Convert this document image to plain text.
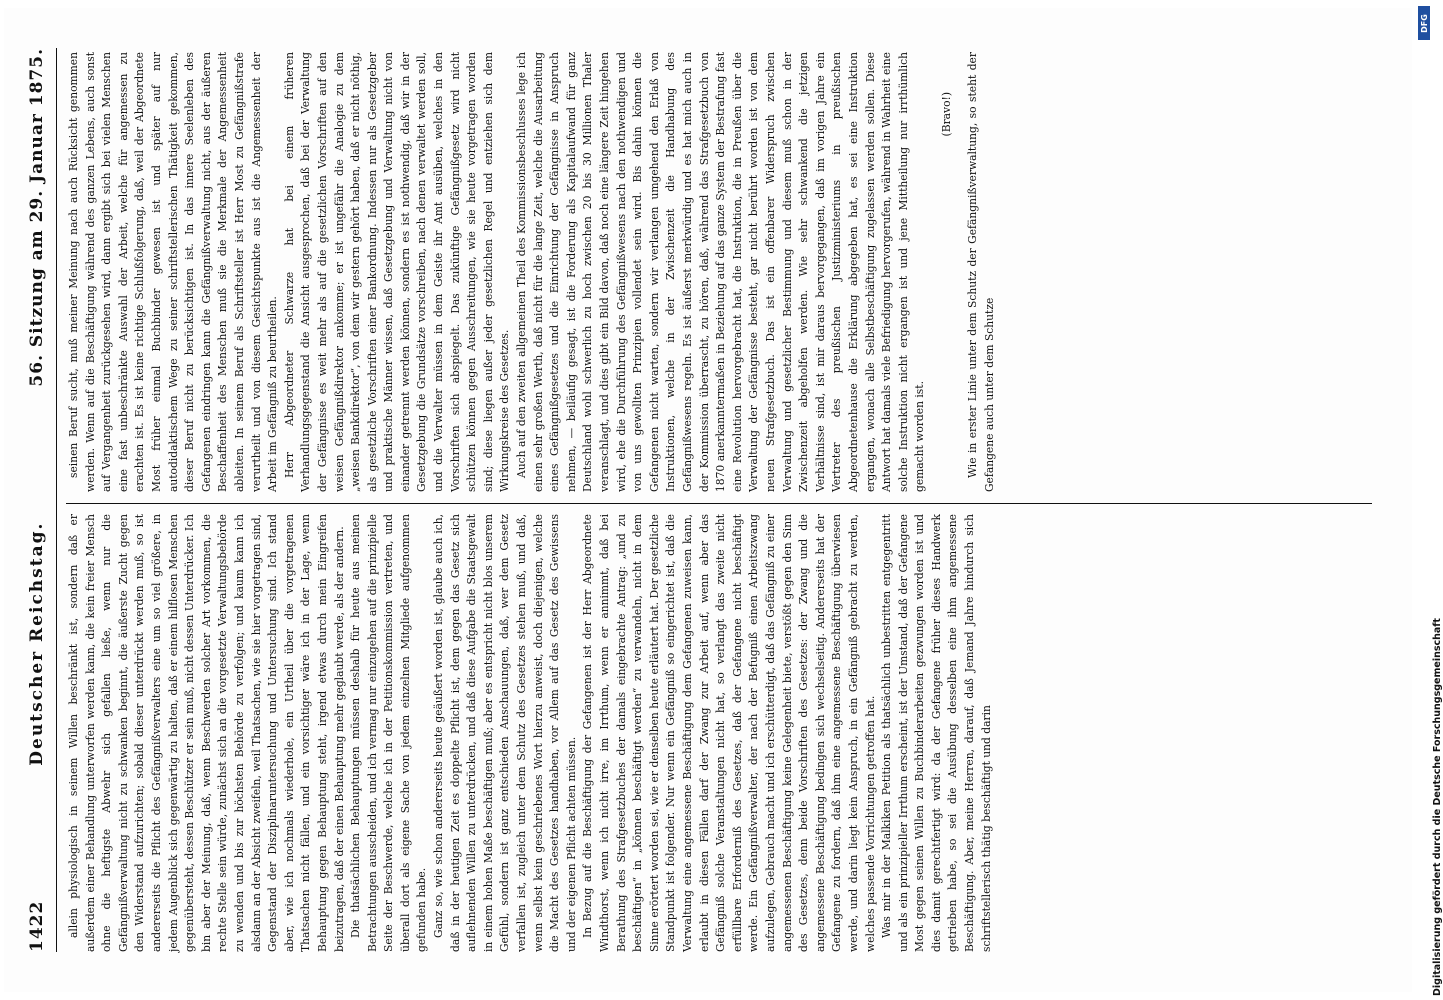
1422
Deutscher Reichstag.
56. Sitzung am 29. Januar 1875.

allein physiologisch in seinem Willen beschränkt ist, sondern daß er außerdem einer Behandlung unterworfen werden kann, die kein freier Mensch ohne die heftigste Abwehr sich gefallen ließe, wenn nur die Gefängnißverwaltung nicht zu schwanken beginnt, die äußerste Zucht gegen den Widerstand aufzurichten; sobald dieser unterdrückt werden muß, so ist andererseits die Pflicht des Gefängnißverwalters eine um so viel größere, in jedem Augenblick sich gegenwärtig zu halten, daß er einem hilflosen Menschen gegenübersteht, dessen Beschützer er sein muß, nicht dessen Unterdrücker. Ich bin aber der Meinung, daß, wenn Beschwerden solcher Art vorkommen, die rechte Stelle sein würde, zunächst sich an die vorgesetzte Verwaltungsbehörde zu wenden und bis zur höchsten Behörde zu verfolgen; und kaum kann ich alsdann an der Absicht zweifeln, weil Thatsachen, wie sie hier vorgetragen sind, Gegenstand der Disziplinaruntersuchung und Untersuchung sind. Ich stand aber, wie ich nochmals wiederhole, ein Urtheil über die vorgetragenen Thatsachen nicht fällen, und ein vorsichtiger wäre ich in der Lage, wenn Behauptung gegen Behauptung steht, irgend etwas durch mein Eingreifen beizutragen, daß der einen Behauptung mehr geglaubt werde, als der andern. Die thatsächlichen Behauptungen müssen deshalb für heute aus meinen Betrachtungen ausscheiden, und ich vermag nur einzugehen auf die prinzipielle Seite der Beschwerde, welche ich in der Petitionskommission vertreten, und überall dort als eigene Sache von jedem einzelnen Mitgliede aufgenommen gefunden habe. Ganz so, wie schon andererseits heute geäußert worden ist, glaube auch ich, daß in der heutigen Zeit es doppelte Pflicht ist, dem gegen das Gesetz sich auflehnenden Willen zu unterdrücken, und daß diese Aufgabe die Staatsgewalt in einem hohen Maße beschäftigen muß; aber es entspricht nicht blos unserem Gefühl, sondern ist ganz entschieden Anschauungen, daß, wer dem Gesetz verfallen ist, zugleich unter dem Schutz des Gesetzes stehen muß, und daß, wenn selbst kein geschriebenes Wort hierzu anweist, doch diejenigen, welche die Macht des Gesetzes handhaben, vor Allem auf das Gesetz des Gewissens und der eigenen Pflicht achten müssen. In Bezug auf die Beschäftigung der Gefangenen ist der Herr Abgeordnete Windthorst, wenn ich nicht irre, im Irrthum, wenn er annimmt, daß bei Berathung des Strafgesetzbuches der damals eingebrachte Antrag: „und zu beschäftigen“ in „können beschäftigt werden“ zu verwandeln, nicht in dem Sinne erörtert worden sei, wie er denselben heute erläutert hat. Der gesetzliche Standpunkt ist folgender. Nur wenn ein Gefängniß so eingerichtet ist, daß die Verwaltung eine angemessene Beschäftigung dem Gefangenen zuweisen kann, erlaubt in diesen Fällen darf der Zwang zur Arbeit auf, wenn aber das Gefängniß solche Veranstaltungen nicht hat, so verlangt das zweite nicht erfüllbare Erforderniß des Gesetzes, daß der Gefangene nicht beschäftigt werde. Ein Gefängnißverwalter, der nach der Befugniß einen Arbeitszwang aufzulegen, Gebrauch macht und ich erschütterdigt, daß das Gefängniß zu einer angemessenen Beschäftigung keine Gelegenheit biete, verstößt gegen den Sinn des Gesetzes, denn beide Vorschriften des Gesetzes: der Zwang und die angemessene Beschäftigung bedingen sich wechselseitig. Andererseits hat der Gefangene zu fordern, daß ihm eine angemessene Beschäftigung überwiesen werde, und darin liegt kein Anspruch, in ein Gefängniß gebracht zu werden, welches passende Vorrichtungen getroffen hat. Was mir in der Malkiken Petition als thatsächlich unbestritten entgegentritt und als ein prinzipieller Irrthum erscheint, ist der Umstand, daß der Gefangene Most gegen seinen Willen zu Buchbinderarbeiten gezwungen worden ist und dies damit gerechtfertigt wird: da der Gefangene früher dieses Handwerk getrieben habe, so sei die Ausübung desselben eine ihm angemessene Beschäftigung. Aber, meine Herren, darauf, daß Jemand Jahre hindurch sich schriftstellerisch thätig beschäftigt und darin

seinen Beruf sucht, muß meiner Meinung nach auch Rücksicht genommen werden. Wenn auf die Beschäftigung während des ganzen Lebens, auch sonst auf Vergangenheit zurückgesehen wird, dann ergibt sich bei vielen Menschen eine fast unbeschränkte Auswahl der Arbeit, welche für angemessen zu erachten ist. Es ist keine richtige Schlußfolgerung, daß, weil der Abgeordnete Most früher einmal Buchbinder gewesen ist und später auf nur autodidaktischem Wege zu seiner schriftstellerischen Thätigkeit gekommen, dieser Beruf nicht zu berücksichtigen ist. In das innere Seelenleben des Gefangenen eindringen kann die Gefängnißverwaltung nicht, aus der äußeren Beschaffenheit des Menschen muß sie die Merkmale der Angemessenheit ableiten. In seinem Beruf als Schriftsteller ist Herr Most zu Gefängnißstrafe verurtheilt und von diesem Gesichtspunkte aus ist die Angemessenheit der Arbeit im Gefängniß zu beurtheilen. Herr Abgeordneter Schwarze hat bei einem früheren Verhandlungsgegenstand die Ansicht ausgesprochen, daß bei der Verwaltung der Gefängnisse es weit mehr als auf die gesetzlichen Vorschriften auf den weisen Gefängnißdirektor ankomme; er ist ungefähr die Analogie zu dem „weisen Bankdirektor“, von dem wir gestern gehört haben, daß er nicht nöthig, als gesetzliche Vorschriften einer Bankordnung. Indessen nur als Gesetzgeber und praktische Männer wissen, daß Gesetzgebung und Verwaltung nicht von einander getrennt werden können, sondern es ist nothwendig, daß wir in der Gesetzgebung die Grundsätze vorschreiben, nach denen verwaltet werden soll, und die Verwalter müssen in dem Geiste ihr Amt ausüben, welches in den Vorschriften sich abspiegelt. Das zukünftige Gefängnißgesetz wird nicht schützen können gegen Ausschreitungen, wie sie heute vorgetragen worden sind; diese liegen außer jeder gesetzlichen Regel und entziehen sich dem Wirkungskreise des Gesetzes. Auch auf den zweiten allgemeinen Theil des Kommissionsbeschlusses lege ich einen sehr großen Werth, daß nicht für die lange Zeit, welche die Ausarbeitung eines Gefängnißgesetzes und die Einrichtung der Gefängnisse in Anspruch nehmen, — beiläufig gesagt, ist die Forderung als Kapitalaufwand für ganz Deutschland wohl schwerlich zu hoch zwischen 20 bis 30 Millionen Thaler veranschlagt, und dies gibt ein Bild davon, daß noch eine längere Zeit hingehen wird, ehe die Durchführung des Gefängnißwesens nach den nothwendigen und von uns gewollten Prinzipien vollendet sein wird. Bis dahin können die Gefangenen nicht warten, sondern wir verlangen umgehend den Erlaß von Instruktionen, welche in der Zwischenzeit die Handhabung des Gefängnißwesens regeln. Es ist äußerst merkwürdig und es hat mich auch in der Kommission überrascht, zu hören, daß, während das Strafgesetzbuch von 1870 anerkanntermaßen in Beziehung auf das ganze System der Bestrafung fast eine Revolution hervorgebracht hat, die Instruktion, die in Preußen über die Verwaltung der Gefängnisse besteht, gar nicht berührt worden ist von dem neuen Strafgesetzbuch. Das ist ein offenbarer Widerspruch zwischen Verwaltung und gesetzlicher Bestimmung und diesem muß schon in der Zwischenzeit abgeholfen werden. Wie sehr schwankend die jetzigen Verhältnisse sind, ist mir daraus bervorgegangen, daß im vorigen Jahre ein Vertreter des preußischen Justizministeriums in preußischen Abgeordnetenhause die Erklärung abgegeben hat, es sei eine Instruktion ergangen, wonach alle Selbstbeschäftigung zugelassen werden sollen. Diese Antwort hat damals viele Befriedigung hervorgerufen, während in Wahrheit eine solche Instruktion nicht ergangen ist und jene Mittheilung nur irrthümlich gemacht worden ist.

(Bravo!) Wie in erster Linie unter dem Schutz der Gefängnißverwaltung, so steht der Gefangene auch unter dem Schutze

DFG
Digitalisierung gefördert durch die Deutsche Forschungsgemeinschaft
